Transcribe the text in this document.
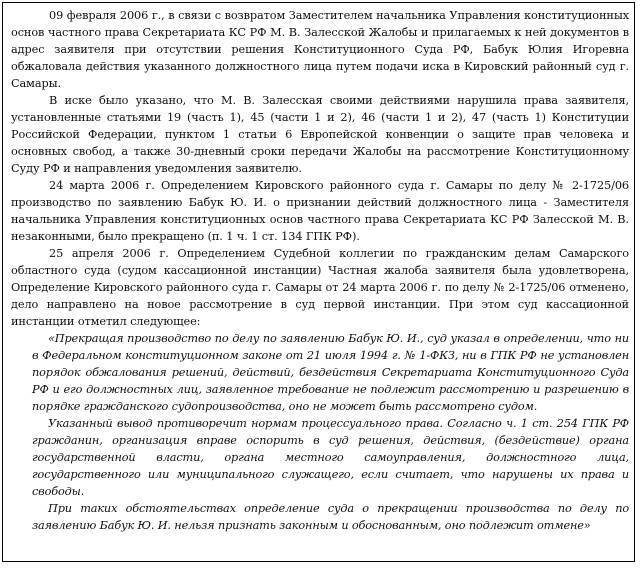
09 февраля 2006 г., в связи с возвратом Заместителем начальника Управления конституционных основ частного права Секретариата КС РФ М. В. Залесской Жалобы и прилагаемых к ней документов в адрес заявителя при отсутствии решения Конституционного Суда РФ, Бабук Юлия Игоревна обжаловала действия указанного должностного лица путем подачи иска в Кировский районный суд г. Самары.

В иске было указано, что М. В. Залесская своими действиями нарушила права заявителя, установленные статьями 19 (часть 1), 45 (части 1 и 2), 46 (части 1 и 2), 47 (часть 1) Конституции Российской Федерации, пунктом 1 статьи 6 Европейской конвенции о защите прав человека и основных свобод, а также 30-дневный сроки передачи Жалобы на рассмотрение Конституционному Суду РФ и направления уведомления заявителю.

24 марта 2006 г. Определением Кировского районного суда г. Самары по делу № 2-1725/06 производство по заявлению Бабук Ю. И. о признании действий должностного лица - Заместителя начальника Управления конституционных основ частного права Секретариата КС РФ Залесской М. В. незаконными, было прекращено (п. 1 ч. 1 ст. 134 ГПК РФ).

25 апреля 2006 г. Определением Судебной коллегии по гражданским делам Самарского областного суда (судом кассационной инстанции) Частная жалоба заявителя была удовлетворена, Определение Кировского районного суда г. Самары от 24 марта 2006 г. по делу № 2-1725/06 отменено, дело направлено на новое рассмотрение в суд первой инстанции. При этом суд кассационной инстанции отметил следующее:

«Прекращая производство по делу по заявлению Бабук Ю. И., суд указал в определении, что ни в Федеральном конституционном законе от 21 июля 1994 г. № 1-ФКЗ, ни в ГПК РФ не установлен порядок обжалования решений, действий, бездействия Секретариата Конституционного Суда РФ и его должностных лиц, заявленное требование не подлежит рассмотрению и разрешению в порядке гражданского судопроизводства, оно не может быть рассмотрено судом.

Указанный вывод противоречит нормам процессуального права. Согласно ч. 1 ст. 254 ГПК РФ гражданин, организация вправе оспорить в суд решения, действия, (бездействие) органа государственной власти, органа местного самоуправления, должностного лица, государственного или муниципального служащего, если считает, что нарушены их права и свободы.

При таких обстоятельствах определение суда о прекращении производства по делу по заявлению Бабук Ю. И. нельзя признать законным и обоснованным, оно подлежит отмене»
